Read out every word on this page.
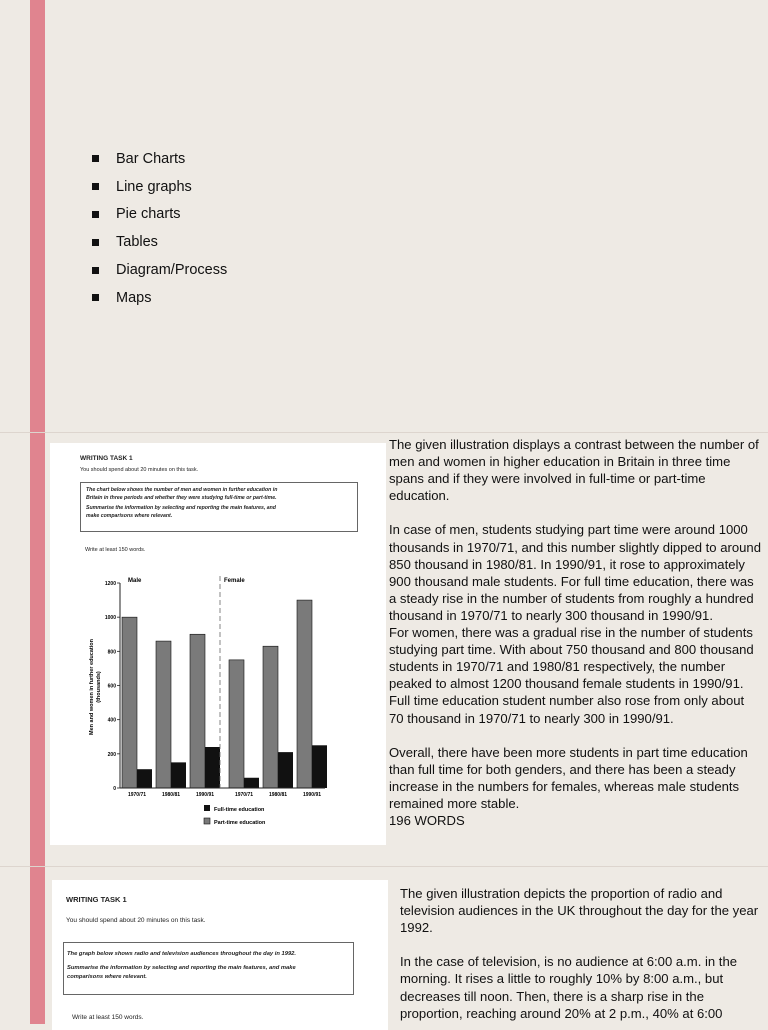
Bar Charts
Line graphs
Pie charts
Tables
Diagram/Process
Maps
WRITING TASK 1
You should spend about 20 minutes on this task.
The chart below shows the number of men and women in further education in
Britain in three periods and whether they were studying full-time or part-time.
Summarise the information by selecting and reporting the main features, and
make comparisons where relevant.
Write at least 150 words.
0
200
400
600
800
1000
1200
1970/71	1980/81	1990/91	1970/71	1980/81	1990/91
Male	Female
Men and women in further education (thousands)
Full-time education
Part-time education

The given illustration displays a contrast between the number of men and women in higher education in Britain in three time spans and if they were involved in full-time or part-time education.

In case of men, students studying part time were around 1000 thousands in 1970/71, and this number slightly dipped to around 850 thousand in 1980/81. In 1990/91, it rose to approximately 900 thousand male students. For full time education, there was a steady rise in the number of students from roughly a hundred thousand in 1970/71 to nearly 300 thousand in 1990/91.

For women, there was a gradual rise in the number of students studying part time. With about 750 thousand and 800 thousand students in 1970/71 and 1980/81 respectively, the number peaked to almost 1200 thousand female students in 1990/91. Full time education student number also rose from only about 70 thousand in 1970/71 to nearly 300 in 1990/91.

Overall, there have been more students in part time education than full time for both genders, and there has been a steady increase in the numbers for females, whereas male students remained more stable.

196 WORDS

WRITING TASK 1
You should spend about 20 minutes on this task.
The graph below shows radio and television audiences throughout the day in 1992.
Summarise the information by selecting and reporting the main features, and make
comparisons where relevant.
Write at least 150 words.

The given illustration depicts the proportion of radio and television audiences in the UK throughout the day for the year 1992.

In the case of television, is no audience at 6:00 a.m. in the morning. It rises a little to roughly 10% by 8:00 a.m., but decreases till noon. Then, there is a sharp rise in the proportion, reaching around 20% at 2 p.m., 40% at 6:00
